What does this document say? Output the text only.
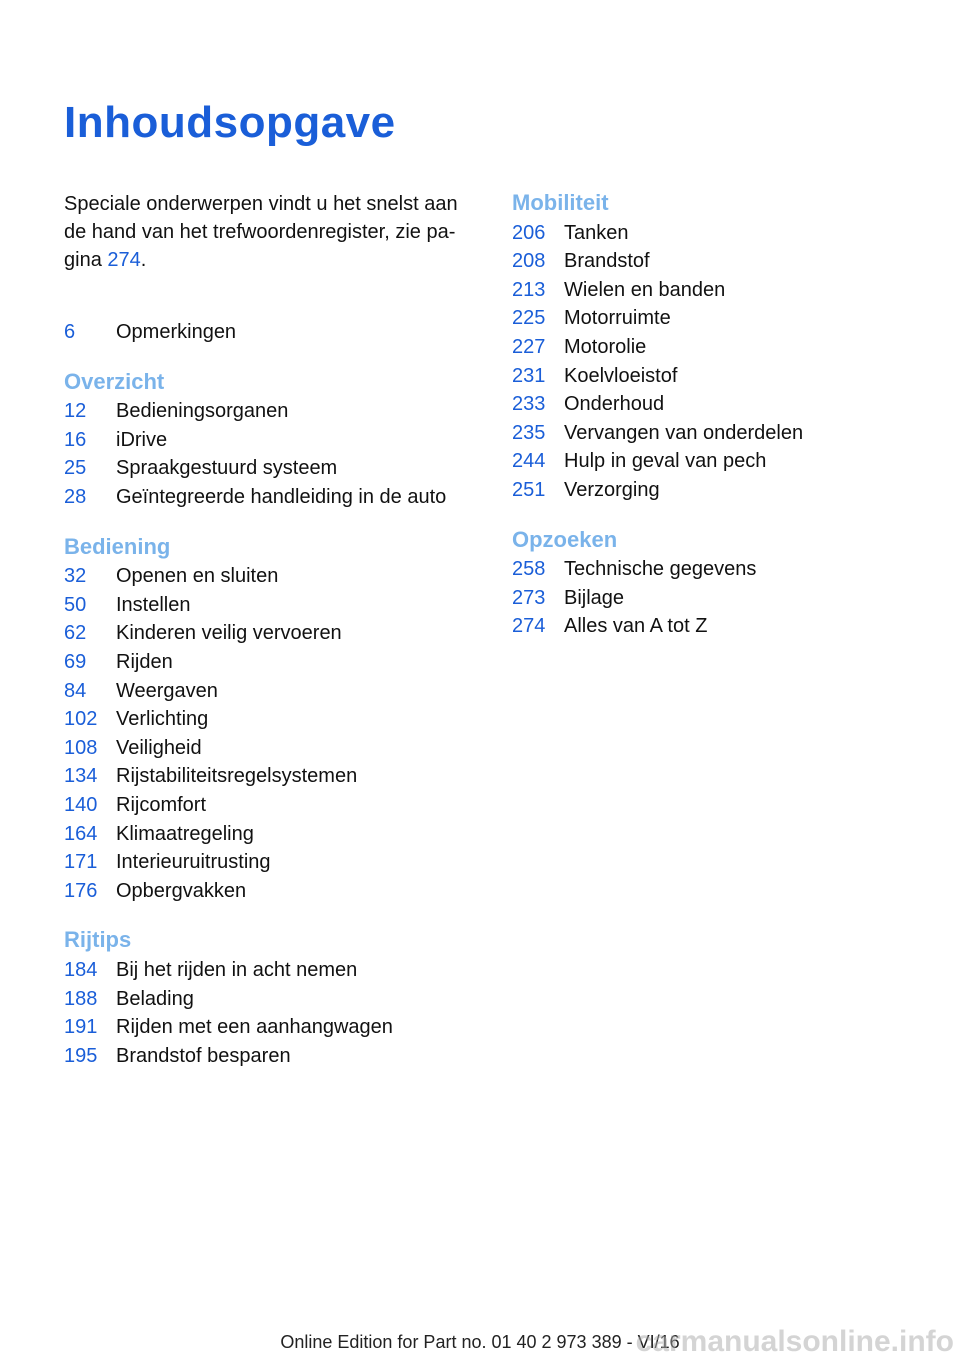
Inhoudsopgave
Speciale onderwerpen vindt u het snelst aan de hand van het trefwoordenregister, zie pa-gina 274.
6 Opmerkingen
Overzicht
12 Bedieningsorganen
16 iDrive
25 Spraakgestuurd systeem
28 Geïntegreerde handleiding in de auto
Bediening
32 Openen en sluiten
50 Instellen
62 Kinderen veilig vervoeren
69 Rijden
84 Weergaven
102 Verlichting
108 Veiligheid
134 Rijstabiliteitsregelsystemen
140 Rijcomfort
164 Klimaatregeling
171 Interieuruitrusting
176 Opbergvakken
Rijtips
184 Bij het rijden in acht nemen
188 Belading
191 Rijden met een aanhangwagen
195 Brandstof besparen
Mobiliteit
206 Tanken
208 Brandstof
213 Wielen en banden
225 Motorruimte
227 Motorolie
231 Koelvloeistof
233 Onderhoud
235 Vervangen van onderdelen
244 Hulp in geval van pech
251 Verzorging
Opzoeken
258 Technische gegevens
273 Bijlage
274 Alles van A tot Z
Online Edition for Part no. 01 40 2 973 389 - VI/16
carmanualsonline.info
